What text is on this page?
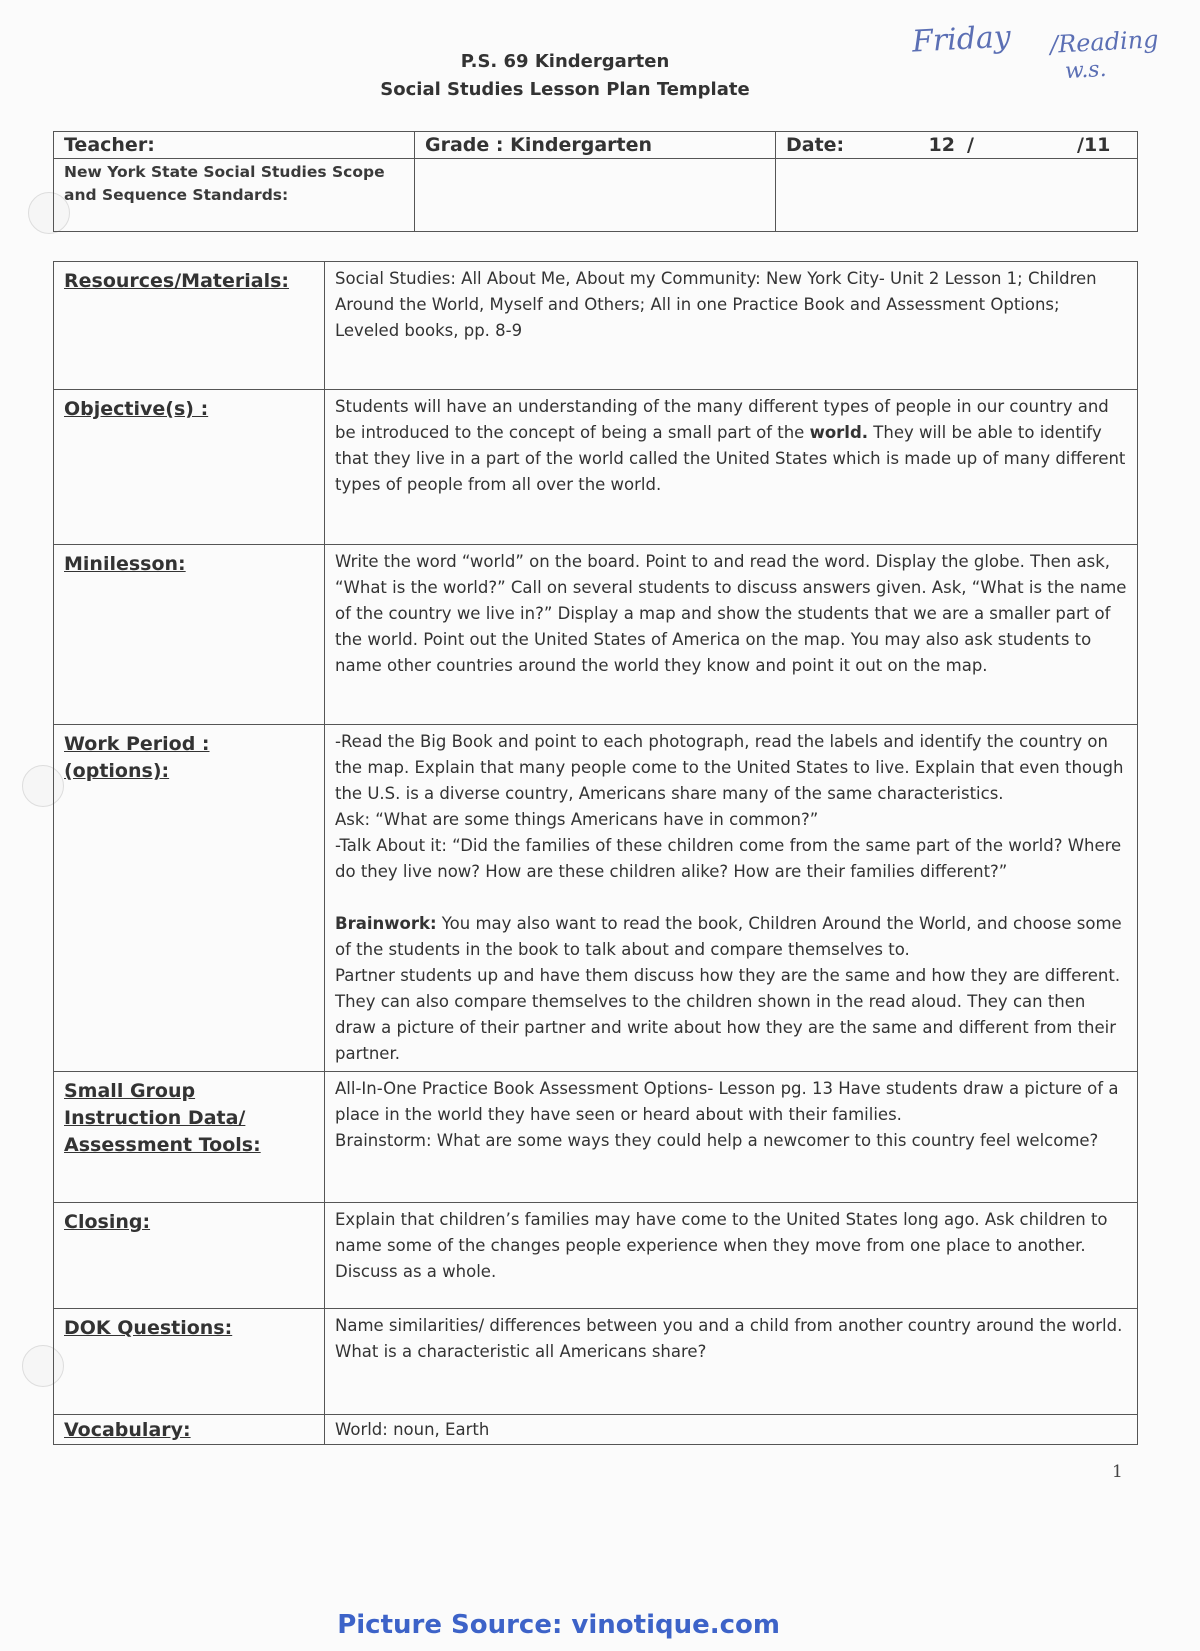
P.S. 69 Kindergarten
Social Studies Lesson Plan Template
Friday /Reading
w.s.
Teacher:	Grade : Kindergarten	Date: 12 / /11

New York State Social Studies Scope and Sequence Standards:		
Resources/Materials:	Social Studies: All About Me, About my Community: New York City- Unit 2 Lesson 1; Children Around the World, Myself and Others; All in one Practice Book and Assessment Options; Leveled books, pp. 8-9
Objective(s) :	Students will have an understanding of the many different types of people in our country and be introduced to the concept of being a small part of the world. They will be able to identify that they live in a part of the world called the United States which is made up of many different types of people from all over the world.
Minilesson:	Write the word “world” on the board. Point to and read the word. Display the globe. Then ask, “What is the world?” Call on several students to discuss answers given. Ask, “What is the name of the country we live in?” Display a map and show the students that we are a smaller part of the world. Point out the United States of America on the map. You may also ask students to name other countries around the world they know and point it out on the map.
Work Period : (options):	-Read the Big Book and point to each photograph, read the labels and identify the country on the map. Explain that many people come to the United States to live. Explain that even though the U.S. is a diverse country, Americans share many of the same characteristics.

Ask: “What are some things Americans have in common?”

-Talk About it: “Did the families of these children come from the same part of the world? Where do they live now? How are these children alike? How are their families different?”

Brainwork: You may also want to read the book, Children Around the World, and choose some of the students in the book to talk about and compare themselves to.

Partner students up and have them discuss how they are the same and how they are different. They can also compare themselves to the children shown in the read aloud. They can then draw a picture of their partner and write about how they are the same and different from their partner.

Small Group Instruction Data/ Assessment Tools:	All-In-One Practice Book Assessment Options- Lesson pg. 13 Have students draw a picture of a place in the world they have seen or heard about with their families.

Brainstorm: What are some ways they could help a newcomer to this country feel welcome?

Closing:	Explain that children’s families may have come to the United States long ago. Ask children to name some of the changes people experience when they move from one place to another. Discuss as a whole.
DOK Questions:	Name similarities/ differences between you and a child from another country around the world.

What is a characteristic all Americans share?

Vocabulary:	World: noun, Earth
1
Picture Source: vinotique.com
